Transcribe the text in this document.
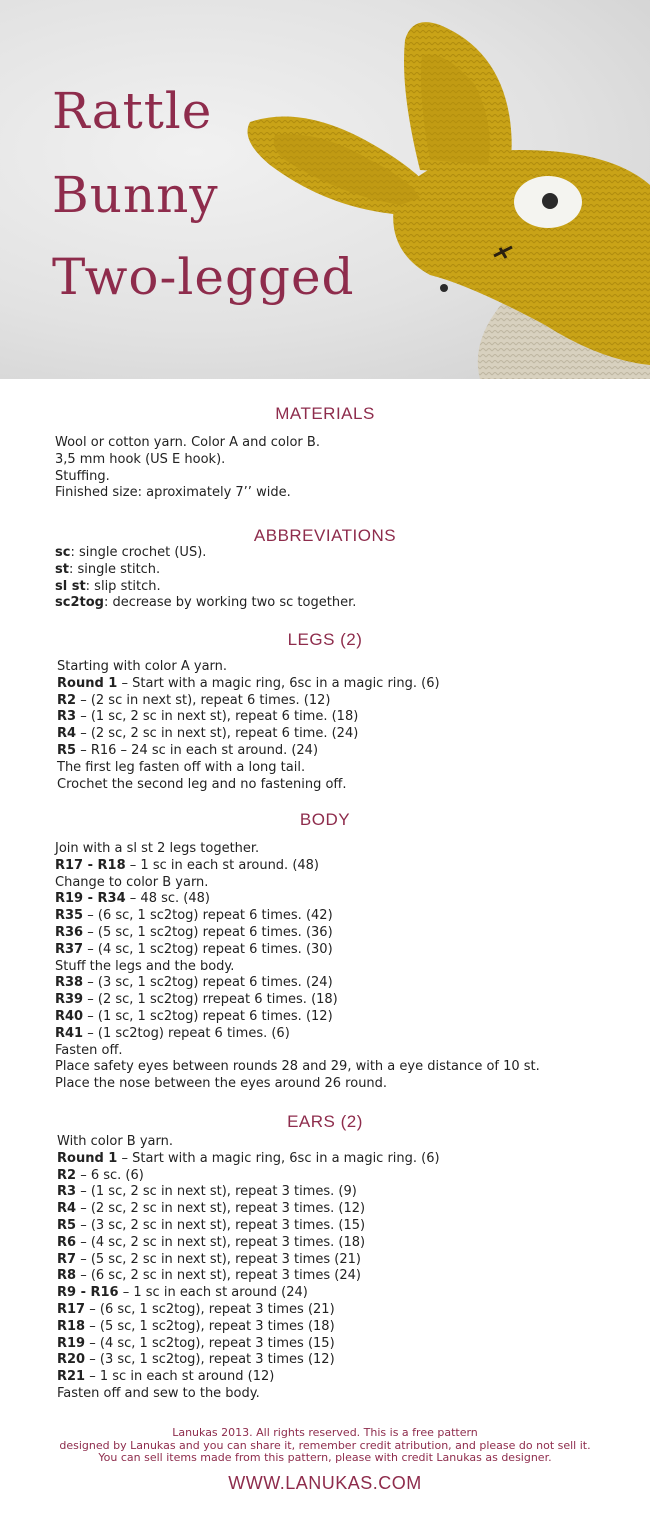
Rattle
Bunny
Two-legged
MATERIALS
Wool or cotton yarn. Color A and color B.
3,5 mm hook (US E hook).
Stuffing.
Finished size: aproximately 7’’ wide.
ABBREVIATIONS
sc: single crochet (US).
st: single stitch.
sl st: slip stitch.
sc2tog: decrease by working two sc together.
LEGS (2)
Starting with color A yarn.
Round 1 – Start with a magic ring, 6sc in a magic ring. (6)
R2 – (2 sc in next st), repeat 6 times. (12)
R3 – (1 sc, 2 sc in next st), repeat 6 time. (18)
R4 – (2 sc, 2 sc in next st), repeat 6 time. (24)
R5 – R16 – 24 sc in each st around. (24)
The first leg fasten off with a long tail.
Crochet the second leg and no fastening off.
BODY
Join with a sl st 2 legs together.
R17 - R18 – 1 sc in each st around. (48)
Change to color B yarn.
R19 - R34 – 48 sc. (48)
R35 – (6 sc, 1 sc2tog) repeat 6 times. (42)
R36 – (5 sc, 1 sc2tog) repeat 6 times. (36)
R37 – (4 sc, 1 sc2tog) repeat 6 times. (30)
Stuff the legs and the body.
R38 – (3 sc, 1 sc2tog) repeat 6 times. (24)
R39 – (2 sc, 1 sc2tog) rrepeat 6 times. (18)
R40 – (1 sc, 1 sc2tog) repeat 6 times. (12)
R41 – (1 sc2tog) repeat 6 times. (6)
Fasten off.
Place safety eyes between rounds 28 and 29, with a eye distance of 10 st.
Place the nose between the eyes around 26 round.
EARS (2)
With color B yarn.
Round 1 – Start with a magic ring, 6sc in a magic ring. (6)
R2 – 6 sc. (6)
R3 – (1 sc, 2 sc in next st), repeat 3 times. (9)
R4 – (2 sc, 2 sc in next st), repeat 3 times. (12)
R5 – (3 sc, 2 sc in next st), repeat 3 times. (15)
R6 – (4 sc, 2 sc in next st), repeat 3 times. (18)
R7 – (5 sc, 2 sc in next st), repeat 3 times (21)
R8 – (6 sc, 2 sc in next st), repeat 3 times (24)
R9 - R16 – 1 sc in each st around (24)
R17 – (6 sc, 1 sc2tog), repeat 3 times (21)
R18 – (5 sc, 1 sc2tog), repeat 3 times (18)
R19 – (4 sc, 1 sc2tog), repeat 3 times (15)
R20 – (3 sc, 1 sc2tog), repeat 3 times (12)
R21 – 1 sc in each st around (12)
Fasten off and sew to the body.
Lanukas 2013. All rights reserved. This is a free pattern
designed by Lanukas and you can share it, remember credit atribution, and please do not sell it.
You can sell items made from this pattern, please with credit Lanukas as designer.
WWW.LANUKAS.COM
